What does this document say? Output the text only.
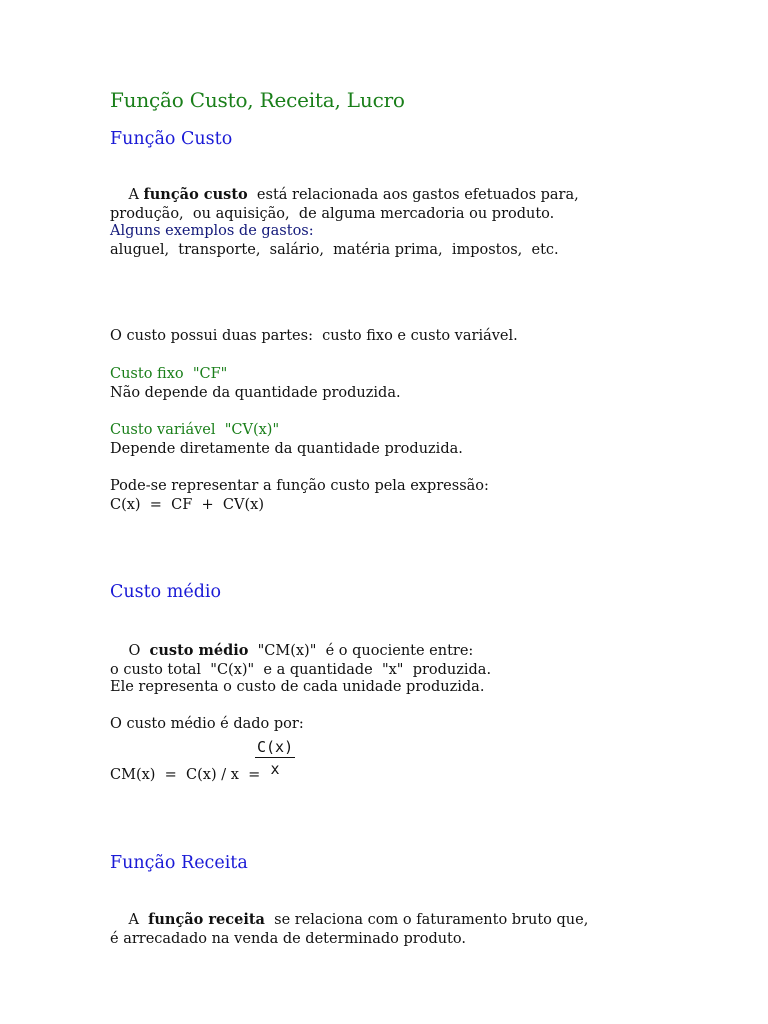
Função Custo, Receita, Lucro
Função Custo

A função custo  está relacionada aos gastos efetuados para,
produção,  ou aquisição,  de alguma mercadoria ou produto.

Alguns exemplos de gastos:
aluguel,  transporte,  salário,  matéria prima,  impostos,  etc.
O custo possui duas partes:  custo fixo e custo variável.
Custo fixo  "CF"
Não depende da quantidade produzida.
Custo variável  "CV(x)"
Depende diretamente da quantidade produzida.
Pode-se representar a função custo pela expressão:
C(x)  =  CF  +  CV(x)
Custo médio

O  custo médio  "CM(x)"  é o quociente entre:
o custo total  "C(x)"  e a quantidade  "x"  produzida.

Ele representa o custo de cada unidade produzida.
O custo médio é dado por:
CM(x)  =  C(x) / x  =
$\frac{C(x)}{x}$
Função Receita

A  função receita  se relaciona com o faturamento bruto que,
é arrecadado na venda de determinado produto.
